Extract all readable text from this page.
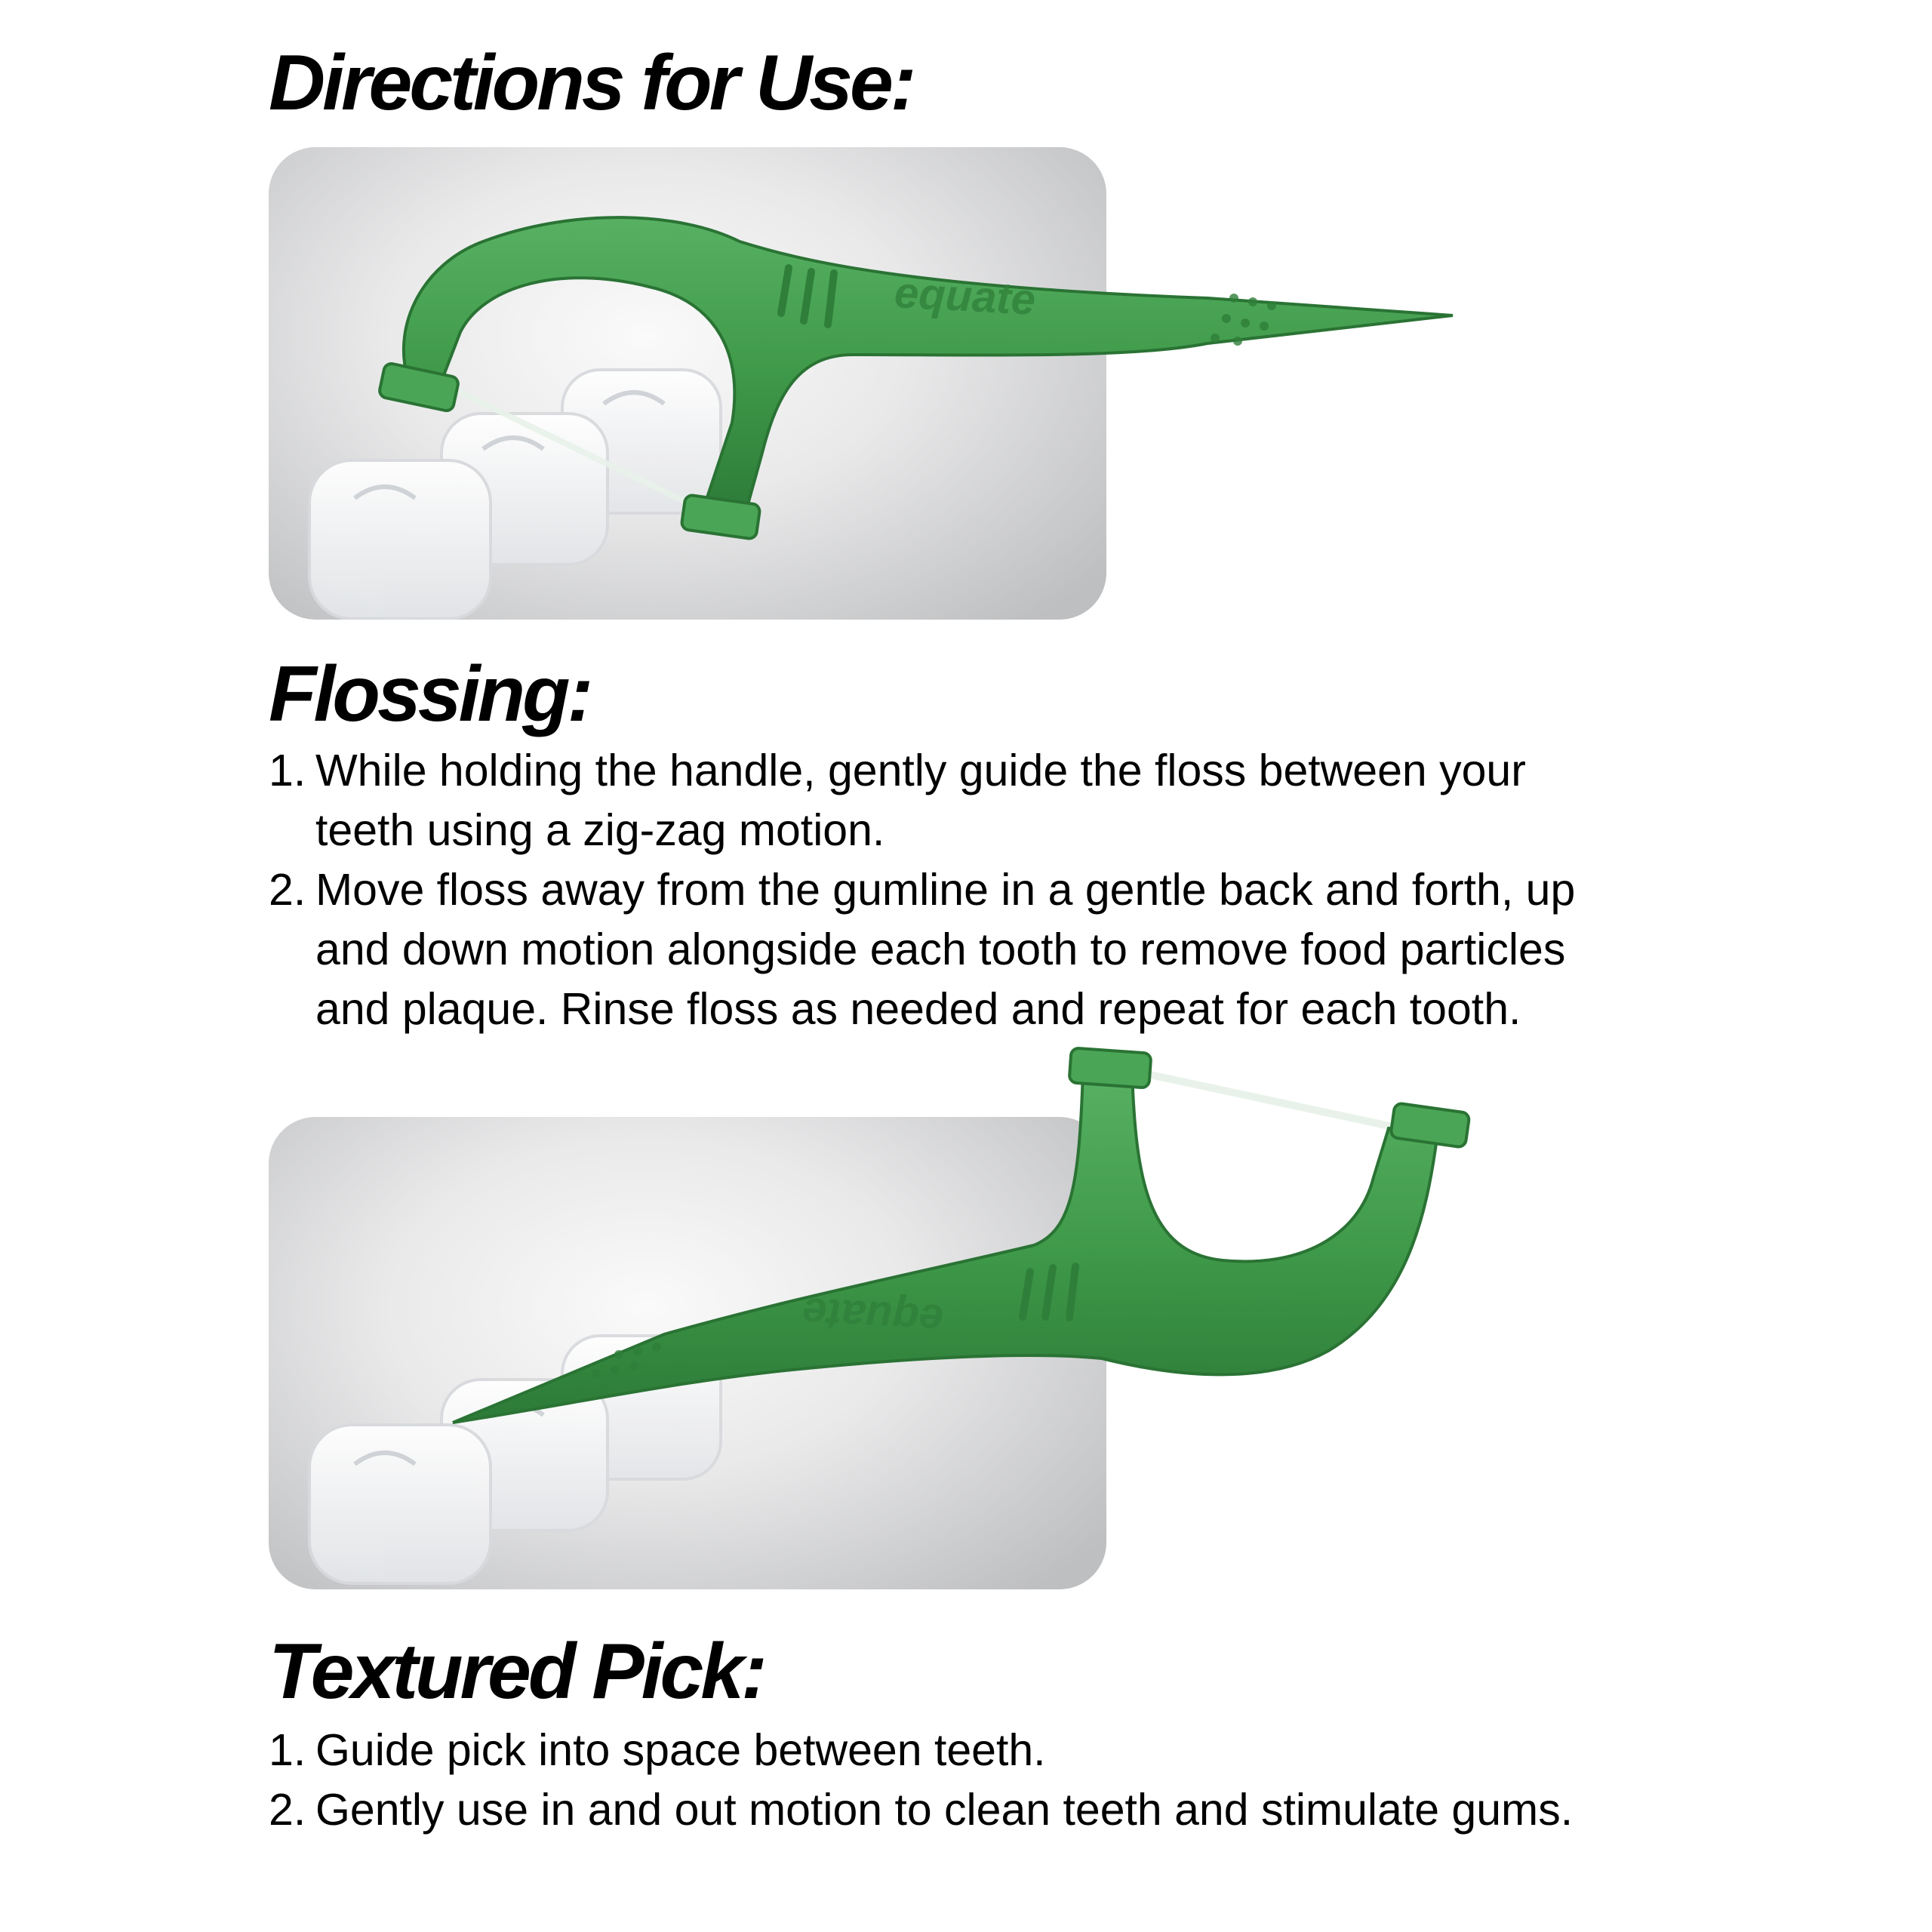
Directions for Use:
Flossing:
1. While holding the handle, gently guide the floss between your teeth using a zig-zag motion.
2. Move floss away from the gumline in a gentle back and forth, up and down motion alongside each tooth to remove food particles and plaque. Rinse floss as needed and repeat for each tooth.
Textured Pick:
1. Guide pick into space between teeth.
2. Gently use in and out motion to clean teeth and stimulate gums.
equate
equate
